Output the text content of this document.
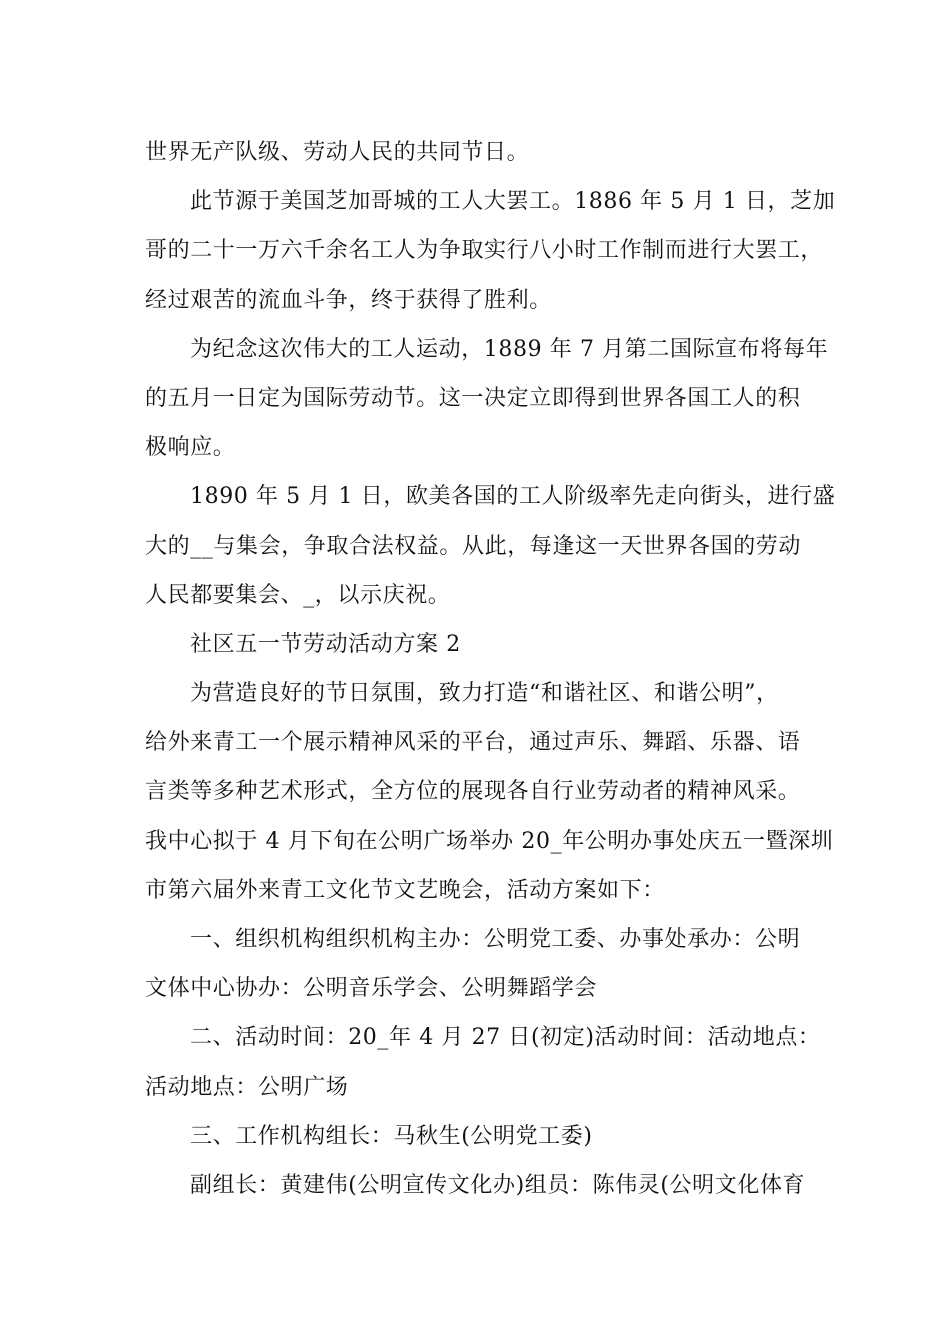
世界无产队级、劳动人民的共同节日。
此节源于美国芝加哥城的工人大罢工。1886 年 5 月 1 日，芝加
哥的二十一万六千余名工人为争取实行八小时工作制而进行大罢工，
经过艰苦的流血斗争，终于获得了胜利。
为纪念这次伟大的工人运动，1889 年 7 月第二国际宣布将每年
的五月一日定为国际劳动节。这一决定立即得到世界各国工人的积
极响应。
1890 年 5 月 1 日，欧美各国的工人阶级率先走向街头，进行盛
大的__与集会，争取合法权益。从此，每逢这一天世界各国的劳动
人民都要集会、_，以示庆祝。
社区五一节劳动活动方案 2
为营造良好的节日氛围，致力打造“和谐社区、和谐公明”，
给外来青工一个展示精神风采的平台，通过声乐、舞蹈、乐器、语
言类等多种艺术形式，全方位的展现各自行业劳动者的精神风采。
我中心拟于 4 月下旬在公明广场举办 20_年公明办事处庆五一暨深圳
市第六届外来青工文化节文艺晚会，活动方案如下：
一、组织机构组织机构主办：公明党工委、办事处承办：公明
文体中心协办：公明音乐学会、公明舞蹈学会
二、活动时间：20_年 4 月 27 日(初定)活动时间：活动地点：
活动地点：公明广场
三、工作机构组长：马秋生(公明党工委)
副组长：黄建伟(公明宣传文化办)组员：陈伟灵(公明文化体育
